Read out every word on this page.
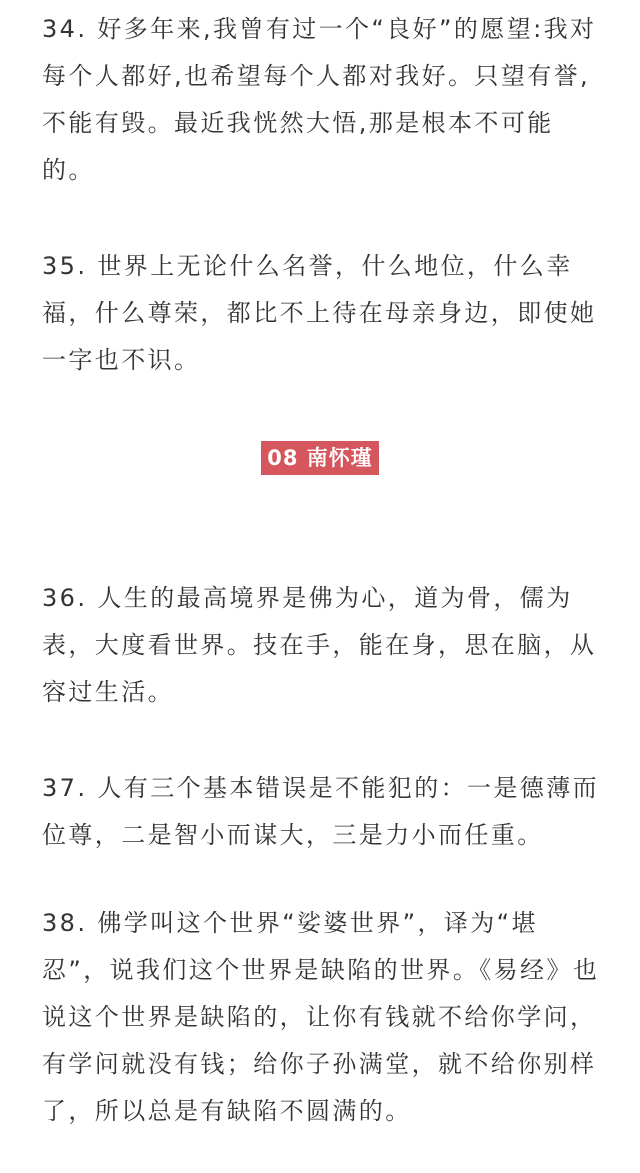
34. 好多年来,我曾有过一个“良好”的愿望:我对每个人都好,也希望每个人都对我好。只望有誉,不能有毁。最近我恍然大悟,那是根本不可能的。

35. 世界上无论什么名誉，什么地位，什么幸福，什么尊荣，都比不上待在母亲身边，即使她一字也不识。

08 南怀瑾

36. 人生的最高境界是佛为心，道为骨，儒为表，大度看世界。技在手，能在身，思在脑，从容过生活。

37. 人有三个基本错误是不能犯的：一是德薄而位尊，二是智小而谋大，三是力小而任重。

38. 佛学叫这个世界“娑婆世界”，译为“堪忍”，说我们这个世界是缺陷的世界。《易经》也说这个世界是缺陷的，让你有钱就不给你学问，有学问就没有钱；给你子孙满堂，就不给你别样了，所以总是有缺陷不圆满的。
